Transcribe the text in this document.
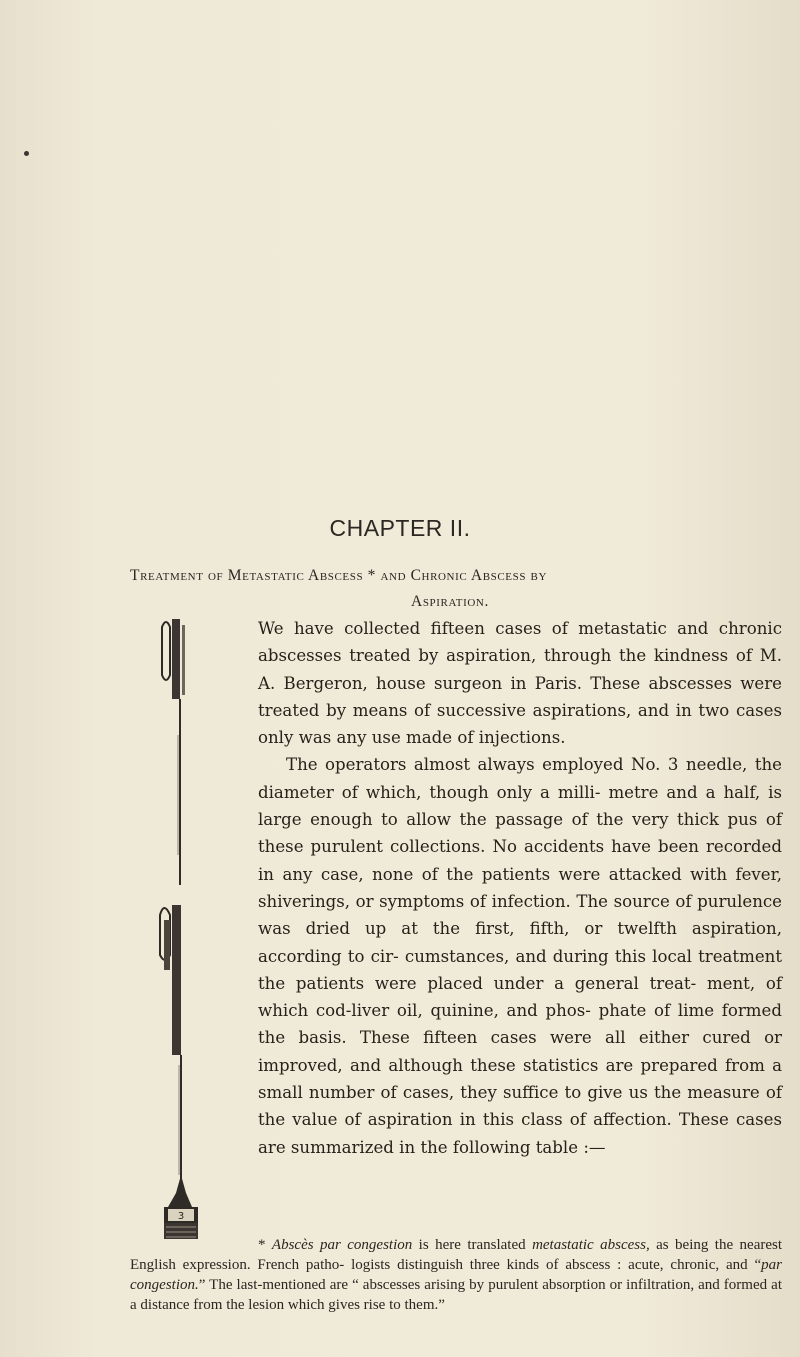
CHAPTER II.
Treatment of Metastatic Abscess * and Chronic Abscess by
Aspiration.
3

We have collected fifteen cases of metastatic and chronic abscesses treated by aspiration, through the kindness of M. A. Bergeron, house surgeon in Paris. These abscesses were treated by means of successive aspirations, and in two cases only was any use made of injections.

The operators almost always employed No. 3 needle, the diameter of which, though only a milli- metre and a half, is large enough to allow the passage of the very thick pus of these purulent collections. No accidents have been recorded in any case, none of the patients were attacked with fever, shiverings, or symptoms of infection. The source of purulence was dried up at the first, fifth, or twelfth aspiration, according to cir- cumstances, and during this local treatment the patients were placed under a general treat- ment, of which cod-liver oil, quinine, and phos- phate of lime formed the basis. These fifteen cases were all either cured or improved, and although these statistics are prepared from a small number of cases, they suffice to give us the measure of the value of aspiration in this class of affection. These cases are summarized in the following table :—

* Abscès par congestion is here translated metastatic abscess, as being the nearest English expression. French patho- logists distinguish three kinds of abscess : acute, chronic, and “par congestion.” The last-mentioned are “ abscesses arising by purulent absorption or infiltration, and formed at a distance from the lesion which gives rise to them.”
